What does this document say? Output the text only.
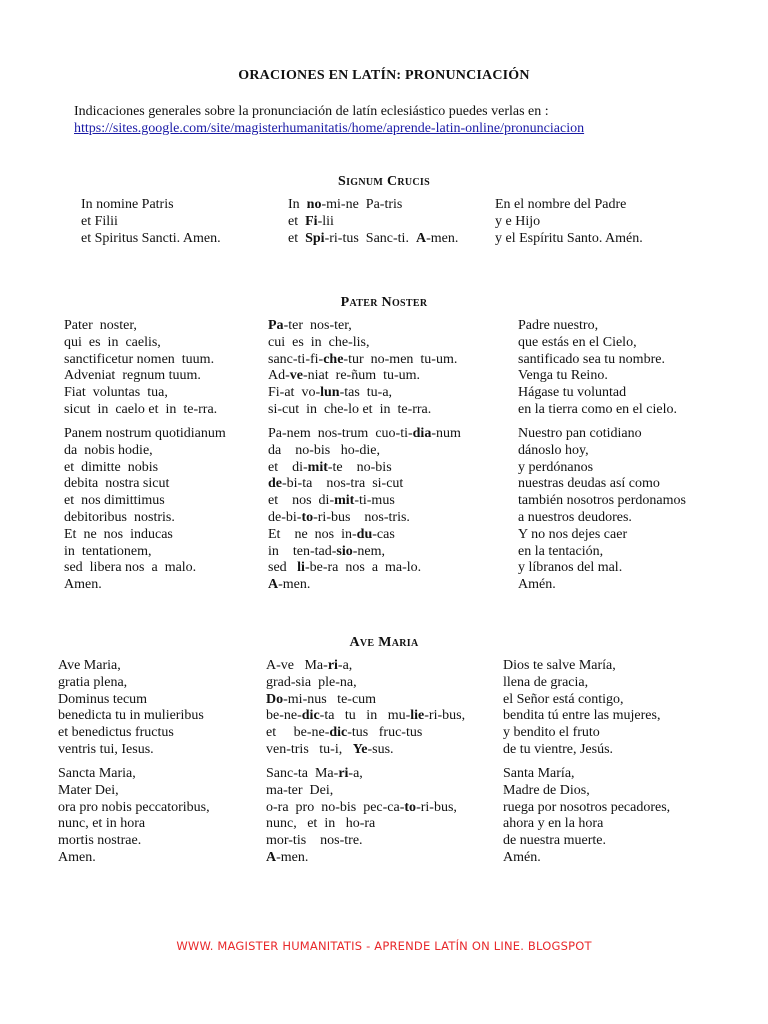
ORACIONES EN LATÍN: PRONUNCIACIÓN
Indicaciones generales sobre la pronunciación de latín eclesiástico puedes verlas en :
https://sites.google.com/site/magisterhumanitatis/home/aprende-latin-online/pronunciacion
Signum Crucis
In nomine Patris
et Filii
et Spiritus Sancti. Amen.
In  no-mi-ne  Pa-tris
et  Fi-lii
et  Spi-ri-tus  Sanc-ti.  A-men.
En el nombre del Padre
y e Hijo
y el Espíritu Santo. Amén.
Pater Noster
Pater  noster,
qui  es  in  caelis,
sanctificetur nomen  tuum.
Adveniat  regnum tuum.
Fiat  voluntas  tua,
sicut  in  caelo et  in  te-rra.
Pa-ter  nos-ter,
cui  es  in  che-lis,
sanc-ti-fi-che-tur  no-men  tu-um.
Ad-ve-niat  re-ñum  tu-um.
Fi-at  vo-lun-tas  tu-a,
si-cut  in  che-lo et  in  te-rra.
Padre nuestro,
que estás en el Cielo,
santificado sea tu nombre.
Venga tu Reino.
Hágase tu voluntad
en la tierra como en el cielo.
Panem nostrum quotidianum
da  nobis hodie,
et  dimitte  nobis
debita  nostra sicut
et  nos dimittimus
debitoribus  nostris.
Et  ne  nos  inducas
in  tentationem,
sed  libera nos  a  malo.
Amen.
Pa-nem  nos-trum  cuo-ti-dia-num
da    no-bis   ho-die,
et    di-mit-te    no-bis
de-bi-ta    nos-tra  si-cut
et    nos  di-mit-ti-mus
de-bi-to-ri-bus    nos-tris.
Et    ne  nos  in-du-cas
in    ten-tad-sio-nem,
sed   li-be-ra  nos  a  ma-lo.
A-men.
Nuestro pan cotidiano
dánoslo hoy,
y perdónanos
nuestras deudas así como
también nosotros perdonamos
a nuestros deudores.
Y no nos dejes caer
en la tentación,
y líbranos del mal.
Amén.
Ave Maria
Ave Maria,
gratia plena,
Dominus tecum
benedicta tu in mulieribus
et benedictus fructus
ventris tui, Iesus.
A-ve   Ma-ri-a,
grad-sia  ple-na,
Do-mi-nus   te-cum
be-ne-dic-ta   tu   in   mu-lie-ri-bus,
et     be-ne-dic-tus   fruc-tus
ven-tris   tu-i,   Ye-sus.
Dios te salve María,
llena de gracia,
el Señor está contigo,
bendita tú entre las mujeres,
y bendito el fruto
de tu vientre, Jesús.
Sancta Maria,
Mater Dei,
ora pro nobis peccatoribus,
nunc, et in hora
mortis nostrae.
Amen.
Sanc-ta  Ma-ri-a,
ma-ter  Dei,
o-ra  pro  no-bis  pec-ca-to-ri-bus,
nunc,   et  in   ho-ra
mor-tis    nos-tre.
A-men.
Santa María,
Madre de Dios,
ruega por nosotros pecadores,
ahora y en la hora
de nuestra muerte.
Amén.
WWW. MAGISTER HUMANITATIS - APRENDE LATÍN ON LINE. BLOGSPOT
